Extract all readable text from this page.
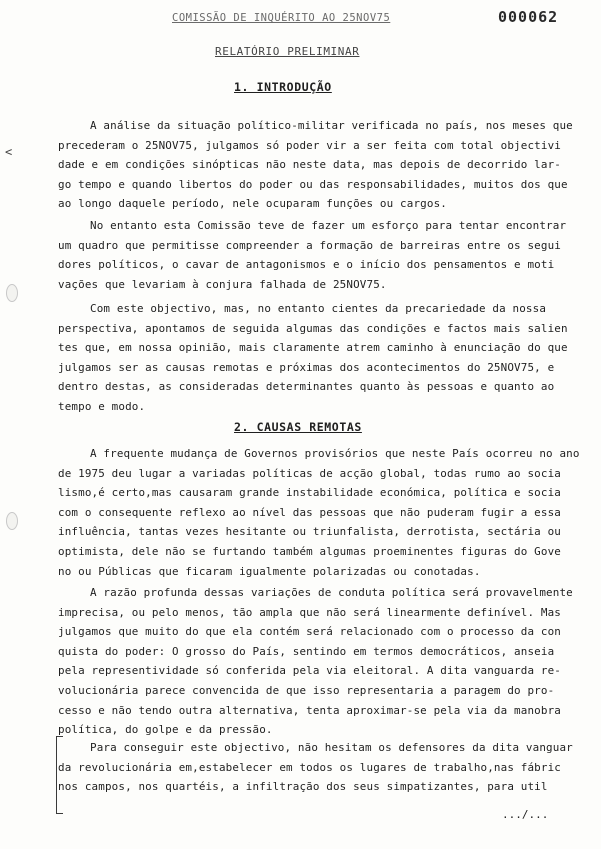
000062
COMISSÃO DE INQUÉRITO AO 25NOV75
RELATÓRIO PRELIMINAR
<
1. INTRODUÇÃO
A análise da situação político-militar verificada no país, nos meses que
precederam o 25NOV75, julgamos só poder vir a ser feita com total objectivi
dade e em condições sinópticas não neste data, mas depois de decorrido lar-
go tempo e quando libertos do poder ou das responsabilidades, muitos dos que
ao longo daquele período, nele ocuparam funções ou cargos.
No entanto esta Comissão teve de fazer um esforço para tentar encontrar
um quadro que permitisse compreender a formação de barreiras entre os segui
dores políticos, o cavar de antagonismos e o início dos pensamentos e moti
vações que levariam à conjura falhada de 25NOV75.
Com este objectivo, mas, no entanto cientes da precariedade da nossa
perspectiva, apontamos de seguida algumas das condições e factos mais salien
tes que, em nossa opinião, mais claramente atrem caminho à enunciação do que
julgamos ser as causas remotas e próximas dos acontecimentos do 25NOV75, e
dentro destas, as consideradas determinantes quanto às pessoas e quanto ao
tempo e modo.
2. CAUSAS REMOTAS
A frequente mudança de Governos provisórios que neste País ocorreu no ano
de 1975 deu lugar a variadas políticas de acção global, todas rumo ao socia
lismo,é certo,mas causaram grande instabilidade económica, política e socia
com o consequente reflexo ao nível das pessoas que não puderam fugir a essa
influência, tantas vezes hesitante ou triunfalista, derrotista, sectária ou
optimista, dele não se furtando também algumas proeminentes figuras do Gove
no ou Públicas que ficaram igualmente polarizadas ou conotadas.
A razão profunda dessas variações de conduta política será provavelmente
imprecisa, ou pelo menos, tão ampla que não será linearmente definível. Mas
julgamos que muito do que ela contém será relacionado com o processo da con
quista do poder: O grosso do País, sentindo em termos democráticos, anseia
pela representividade só conferida pela via eleitoral. A dita vanguarda re-
volucionária parece convencida de que isso representaria a paragem do pro-
cesso e não tendo outra alternativa, tenta aproximar-se pela via da manobra
política, do golpe e da pressão.
Para conseguir este objectivo, não hesitam os defensores da dita vanguar
da revolucionária em,estabelecer em todos os lugares de trabalho,nas fábric
nos campos, nos quartéis, a infiltração dos seus simpatizantes, para util
.../...
